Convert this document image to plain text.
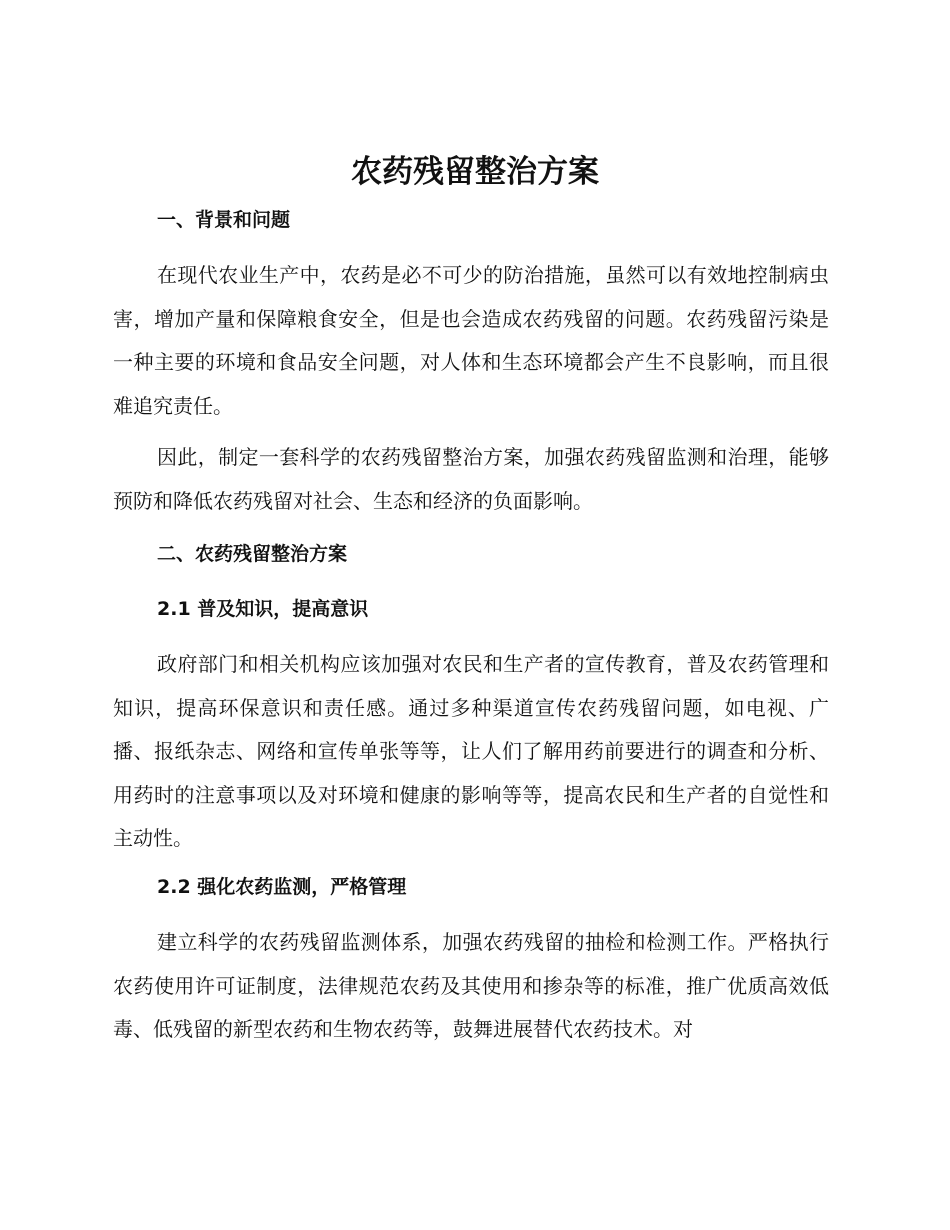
农药残留整治方案
一、背景和问题

在现代农业生产中，农药是必不可少的防治措施，虽然可以有效地控制病虫害，增加产量和保障粮食安全，但是也会造成农药残留的问题。农药残留污染是一种主要的环境和食品安全问题，对人体和生态环境都会产生不良影响，而且很难追究责任。

因此，制定一套科学的农药残留整治方案，加强农药残留监测和治理，能够预防和降低农药残留对社会、生态和经济的负面影响。

二、农药残留整治方案
2.1 普及知识，提高意识

政府部门和相关机构应该加强对农民和生产者的宣传教育，普及农药管理和知识，提高环保意识和责任感。通过多种渠道宣传农药残留问题，如电视、广播、报纸杂志、网络和宣传单张等等，让人们了解用药前要进行的调查和分析、用药时的注意事项以及对环境和健康的影响等等，提高农民和生产者的自觉性和主动性。

2.2 强化农药监测，严格管理

建立科学的农药残留监测体系，加强农药残留的抽检和检测工作。严格执行农药使用许可证制度，法律规范农药及其使用和掺杂等的标准，推广优质高效低毒、低残留的新型农药和生物农药等，鼓舞进展替代农药技术。对
